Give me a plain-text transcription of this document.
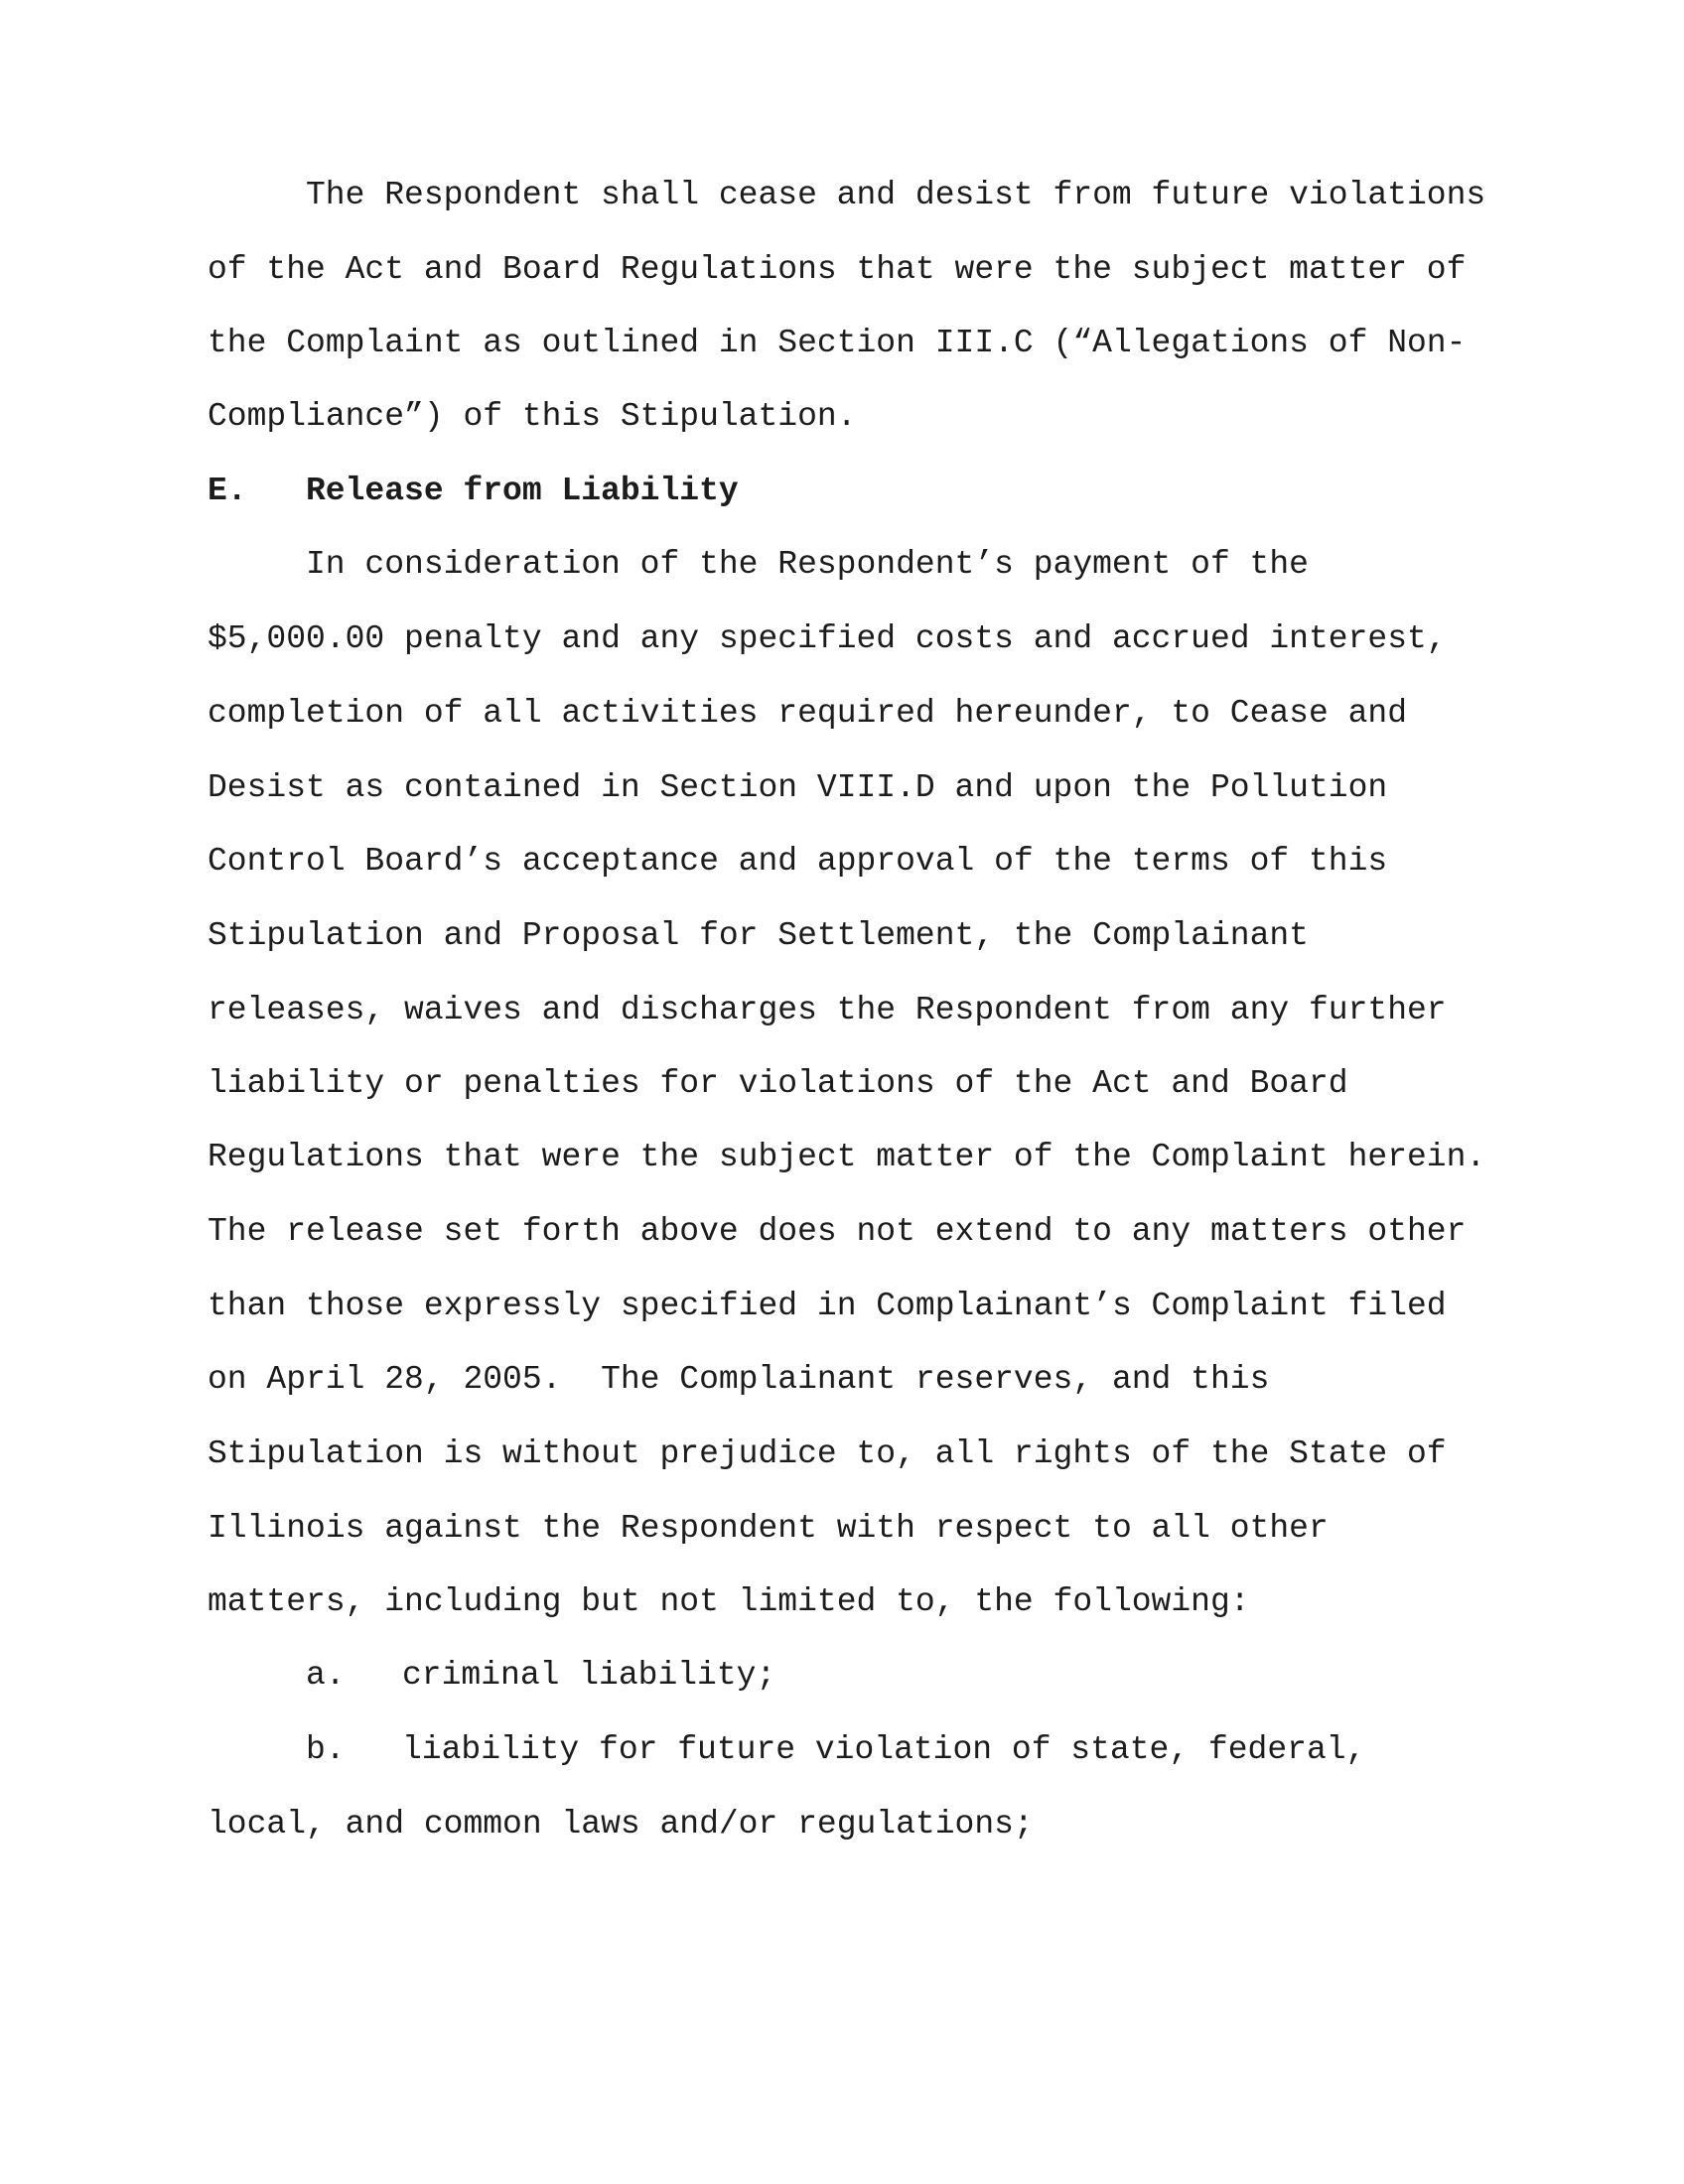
The Respondent shall cease and desist from future violations
of the Act and Board Regulations that were the subject matter of
the Complaint as outlined in Section III.C (“Allegations of Non-
Compliance”) of this Stipulation.
E. Release from Liability
In consideration of the Respondent’s payment of the
$5,000.00 penalty and any specified costs and accrued interest,
completion of all activities required hereunder, to Cease and
Desist as contained in Section VIII.D and upon the Pollution
Control Board’s acceptance and approval of the terms of this
Stipulation and Proposal for Settlement, the Complainant
releases, waives and discharges the Respondent from any further
liability or penalties for violations of the Act and Board
Regulations that were the subject matter of the Complaint herein.
The release set forth above does not extend to any matters other
than those expressly specified in Complainant’s Complaint filed
on April 28, 2005.  The Complainant reserves, and this
Stipulation is without prejudice to, all rights of the State of
Illinois against the Respondent with respect to all other
matters, including but not limited to, the following:
a. criminal liability;
b. liability for future violation of state, federal,
local, and common laws and/or regulations;
